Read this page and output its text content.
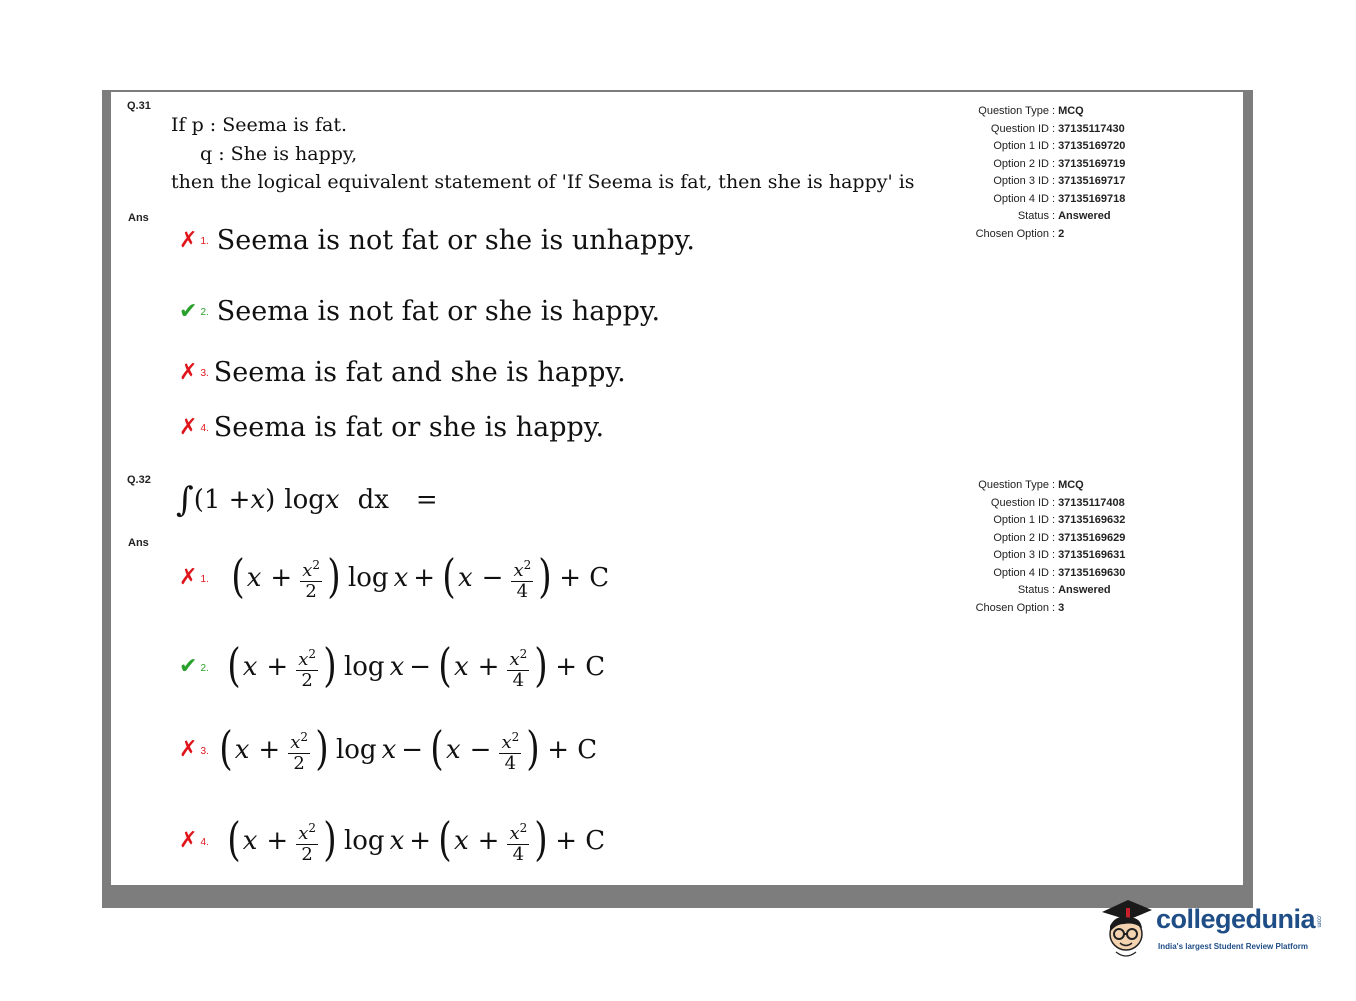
Q.31
Ans
If p : Seema is fat.
q : She is happy,
then the logical equivalent statement of 'If Seema is fat, then she is happy' is
✗ 1. Seema is not fat or she is unhappy.
✔ 2. Seema is not fat or she is happy.
✗ 3. Seema is fat and she is happy.
✗ 4. Seema is fat or she is happy.
Question Type : MCQ
Question ID : 37135117430
Option 1 ID : 37135169720
Option 2 ID : 37135169719
Option 3 ID : 37135169717
Option 4 ID : 37135169718
Status : Answered
Chosen Option : 2
Q.32
Ans
∫ (1 + x ) log x dx =
✗ 1. ( $x + \frac{x^2}{2}$ ) log x + ( $x - \frac{x^2}{4}$ ) + C
✔ 2. ( $x + \frac{x^2}{2}$ ) log x − ( $x + \frac{x^2}{4}$ ) + C
✗ 3. ( $x + \frac{x^2}{2}$ ) log x − ( $x - \frac{x^2}{4}$ ) + C
✗ 4. ( $x + \frac{x^2}{2}$ ) log x + ( $x + \frac{x^2}{4}$ ) + C
Question Type : MCQ
Question ID : 37135117408
Option 1 ID : 37135169632
Option 2 ID : 37135169629
Option 3 ID : 37135169631
Option 4 ID : 37135169630
Status : Answered
Chosen Option : 3
collegedunia .com
India's largest Student Review Platform
